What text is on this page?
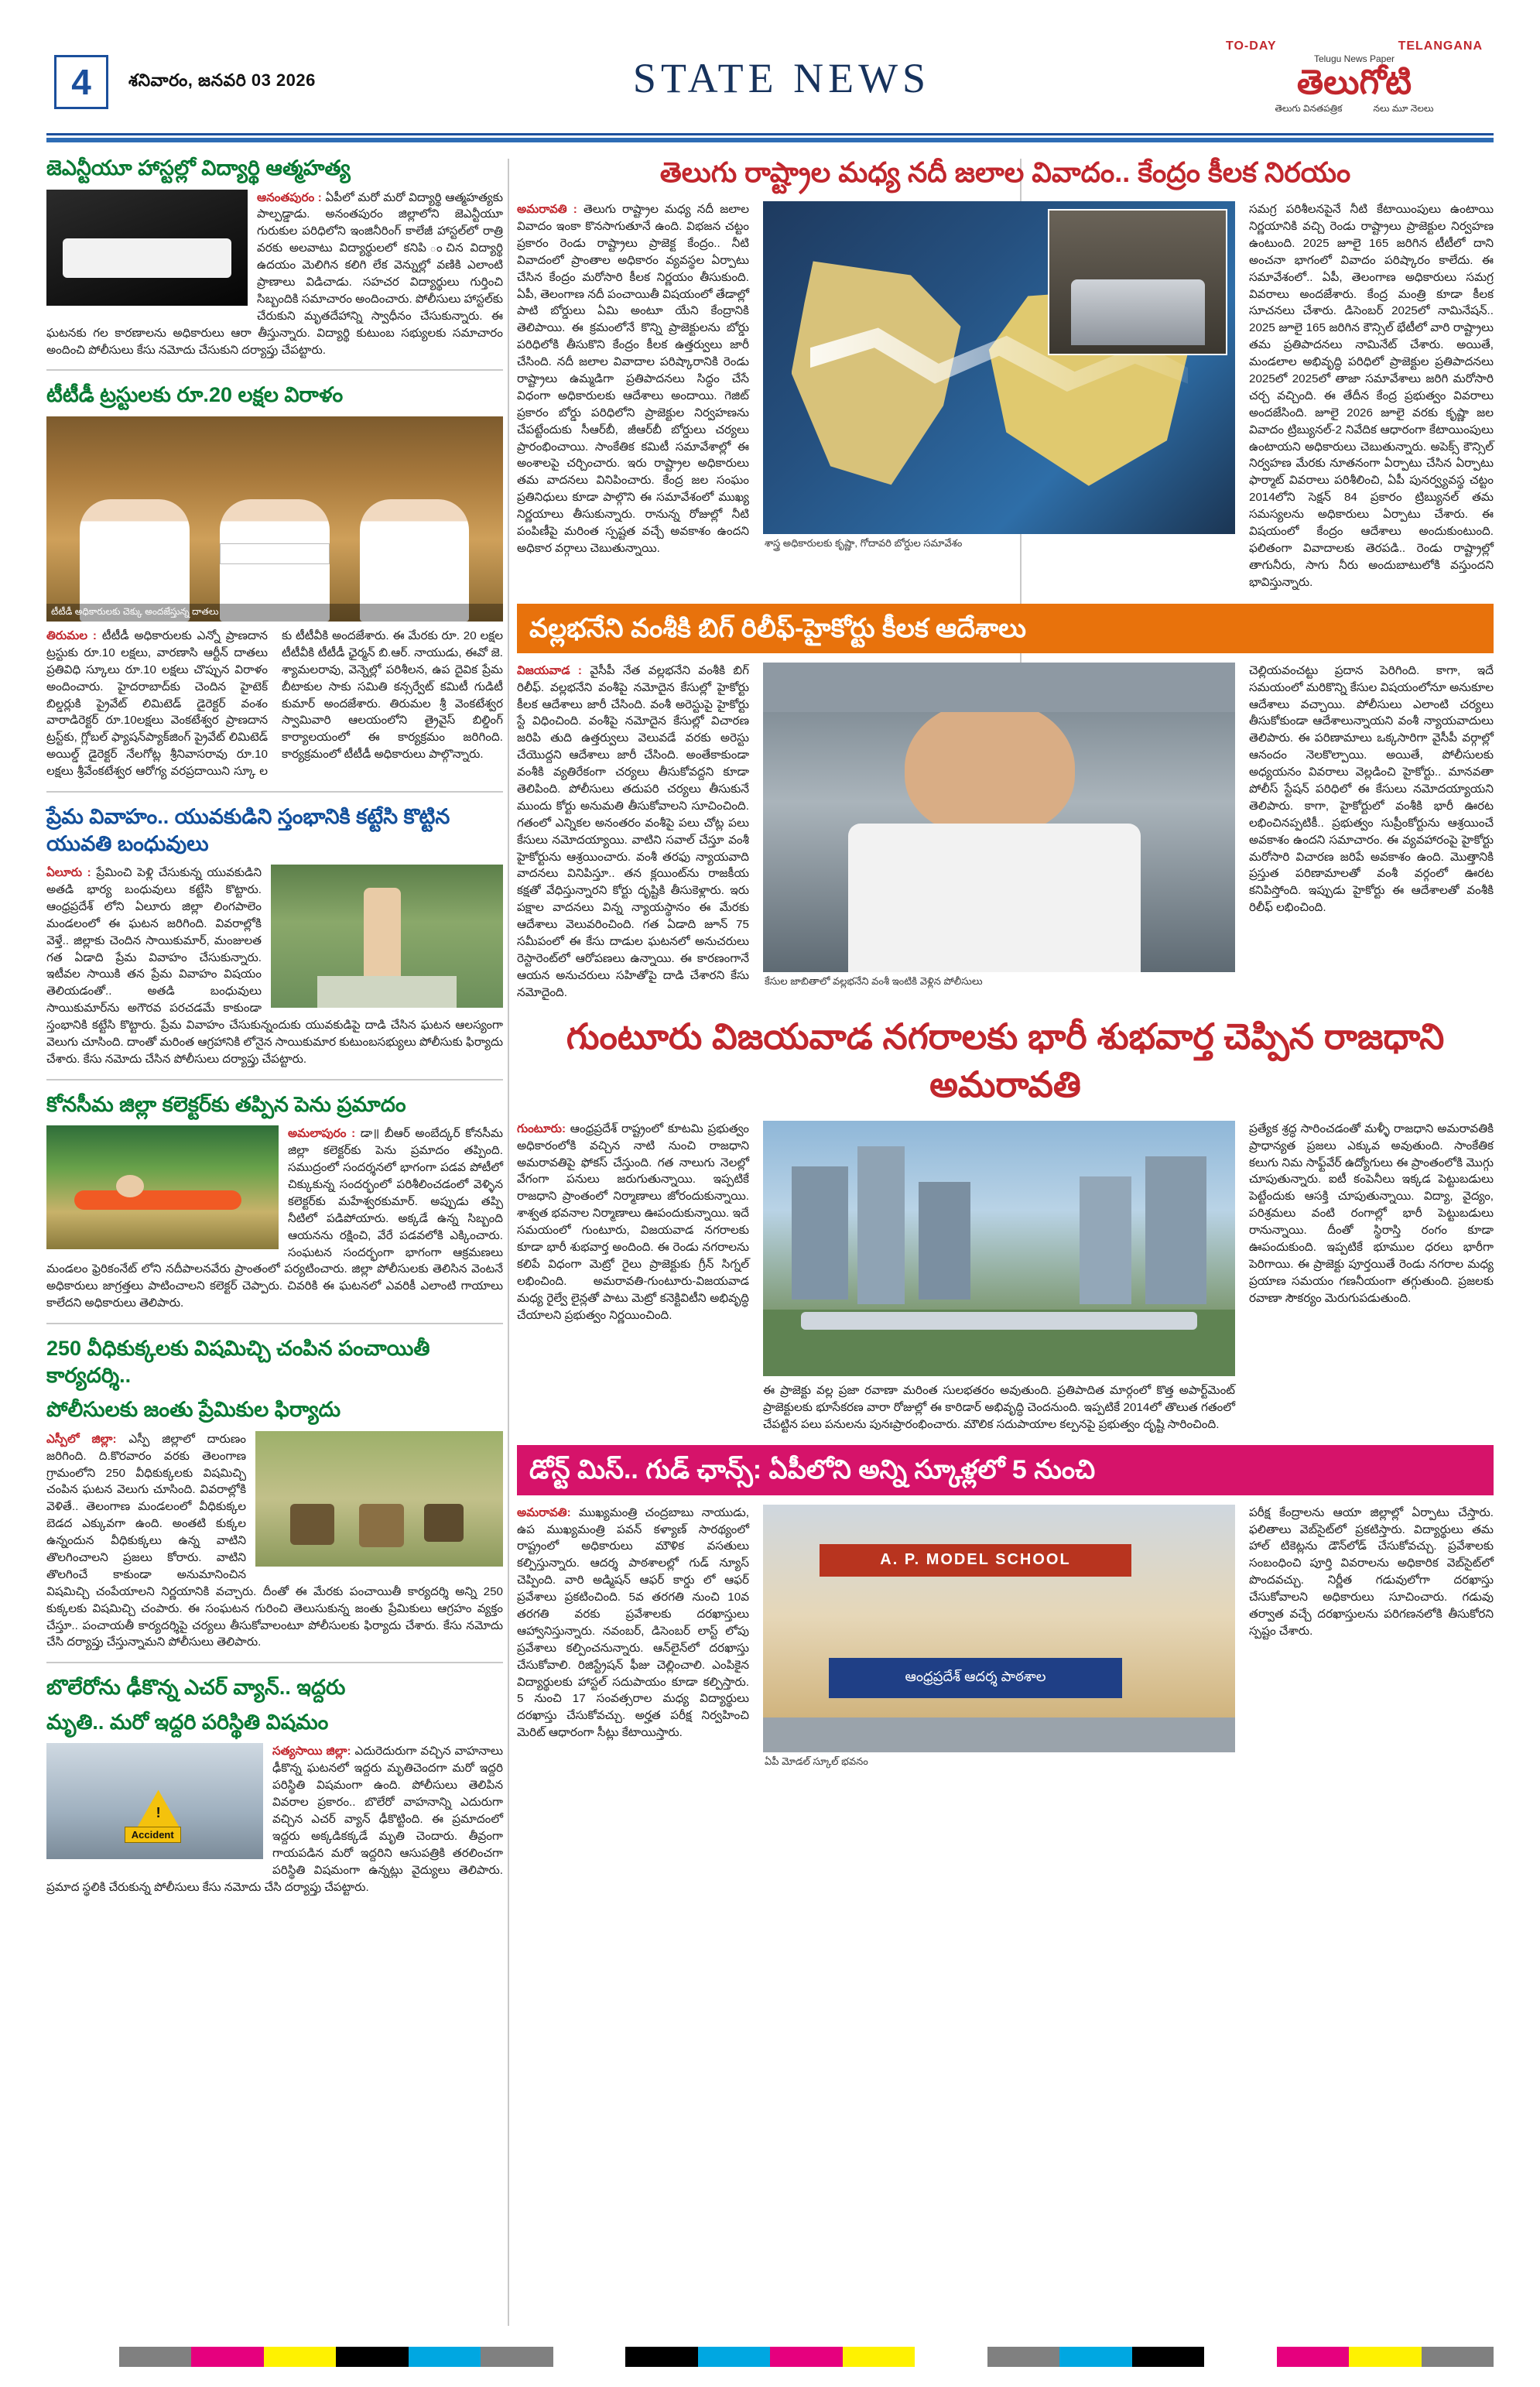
4	శనివారం, జనవరి 03 2026	STATE NEWS
TO-DAY	TELANGANA
Telugu News Paper
తెలుగోటి
తెలుగు వినతపత్రిక	నలు మూ నెలలు
జెఎన్టీయూ హాస్టల్లో విద్యార్థి ఆత్మహత్య
ఆనంతపురం : ఏపీలో మరో మరో విద్యార్థి ఆత్మహత్యకు పాల్పడ్డాడు. అనంతపురం జిల్లాలోని జెఎన్టీయూ గురుకుల పరిధిలోని ఇంజినీరింగ్ కాలేజీ హాస్టల్‌లో రాత్రి వరకు అలవాటు విద్యార్థులలో కనిపి ంచిన విద్యార్థి ఉదయం మెలిగిన కలిగి లేక వెన్నుల్లో వణికి ఎలాంటి ప్రాణాలు విడిచాడు. సహచర విద్యార్థులు గుర్తించి సిబ్బందికి సమాచారం అందించారు. పోలీసులు హాస్టల్‌కు చేరుకుని మృతదేహాన్ని స్వాధీనం చేసుకున్నారు. ఈ ఘటనకు గల కారణాలను అధికారులు ఆరా తీస్తున్నారు. విద్యార్థి కుటుంబ సభ్యులకు సమాచారం అందించి పోలీసులు కేసు నమోదు చేసుకుని దర్యాప్తు చేపట్టారు.
టీటీడీ ట్రస్టులకు రూ.20 లక్షల విరాళం
టీటీడీ అధికారులకు చెక్కు అందజేస్తున్న దాతలు
తిరుమల : టీటీడీ అధికారులకు ఎన్నో ప్రాణదాన ట్రస్టుకు రూ.10 లక్షలు, వారణాసి ఆర్టీన్ దాతలు ప్రతివిధి స్కూలు రూ.10 లక్షలు చొప్పున విరాళం అందించారు. హైదరాబాద్‌కు చెందిన హైటెక్ బిల్డర్లుకి ప్రైవేట్ లిమిటెడ్ డైరెక్టర్ వంశం వారాడిరెక్టర్ రూ.10లక్షలు వెంకటేశ్వర ప్రాణదాన ట్రస్ట్‌కు, గ్లోబల్ ఫ్యాషన్‌ప్యాక్‌జింగ్ ప్రైవేట్ లిమిటెడ్ అయిల్డ్ డైరెక్టర్ నేలగోట్ల శ్రీనివాసరావు రూ.10 లక్షలు శ్రీవేంకటేశ్వర ఆరోగ్య వరప్రదాయిని స్కూ ల కు టీటీవీకి అందజేశారు. ఈ మేరకు రూ. 20 లక్షల టీటీవీకి టీటీడీ ఛైర్మన్ బి.ఆర్. నాయుడు, ఈవో జె. శ్యామలరావు, వెన్నెల్లో పరిశీలన, ఉప దైవిక ప్రేమ బీటాకుల సాకు సమితి కన్సర్వేట్ కమిటీ గుడిటీ కుమార్ అందజేశారు. తిరుమల శ్రీ వెంకటేశ్వర స్వామివారి ఆలయంలోని త్రైవైస్ బిల్డింగ్ కార్యాలయంలో ఈ కార్యక్రమం జరిగింది. కార్యక్రమంలో టీటీడీ అధికారులు పాల్గొన్నారు.
ప్రేమ వివాహం.. యువకుడిని స్తంభానికి కట్టేసి కొట్టిన యువతి బంధువులు
ఏలూరు : ప్రేమించి పెళ్లి చేసుకున్న యువకుడిని అతడి భార్య బంధువులు కట్టేసి కొట్టారు. ఆంధ్రప్రదేశ్ లోని ఏలూరు జిల్లా లింగపాలెం మండలంలో ఈ ఘటన జరిగింది. వివరాల్లోకి వెళ్తే.. జిల్లాకు చెందిన సాయికుమార్, మంజులత గత ఏడాది ప్రేమ వివాహం చేసుకున్నారు. ఇటీవల సాయికి తన ప్రేమ వివాహం విషయం తెలియడంతో.. అతడి బంధువులు సాయికుమార్‌ను అగౌరవ పరచడమే కాకుండా స్తంభానికి కట్టేసి కొట్టారు. ప్రేమ వివాహం చేసుకున్నందుకు యువకుడిపై దాడి చేసిన ఘటన ఆలస్యంగా వెలుగు చూసింది. దాంతో మరింత ఆగ్రహానికి లోనైన సాయికుమార కుటుంబసభ్యులు పోలీసుకు ఫిర్యాదు చేశారు. కేసు నమోదు చేసిన పోలీసులు దర్యాప్తు చేపట్టారు.
కోనసీమ జిల్లా కలెక్టర్‌కు తప్పిన పెను ప్రమాదం
అమలాపురం : డా॥ బీఆర్ అంబేద్కర్ కోనసీమ జిల్లా కలెక్టర్‌కు పెను ప్రమాదం తప్పింది. సముద్రంలో సందర్శనలో భాగంగా పడవ పోటీలో చిక్కుకున్న సందర్భంలో పరిశీలించడంలో వెళ్ళిన కలెక్టర్‌కు మహేశ్వరకుమార్. అప్పుడు తప్పి నీటిలో పడిపోయారు. అక్కడే ఉన్న సిబ్బంది ఆయనను రక్షించి, వేరే పడవలోకి ఎక్కించారు. సంఘటన సందర్భంగా భాగంగా ఆక్రమణలు మండలం ఫ్రెరికంనేట్ లోని నదీపాలనవేరు ప్రాంతంలో పర్యటించారు. జిల్లా పోలీసులకు తెలిసిన వెంటనే అధికారులు జాగ్రత్తలు పాటించాలని కలెక్టర్ చెప్పారు. చివరికి ఈ ఘటనలో ఎవరికీ ఎలాంటి గాయాలు కాలేదని అధికారులు తెలిపారు.
250 వీధికుక్కలకు విషమిచ్చి చంపిన పంచాయితీ కార్యదర్శి..
పోలీసులకు జంతు ప్రేమికుల ఫిర్యాదు
ఎస్పీలో జిల్లా: ఎస్పీ జిల్లాలో దారుణం జరిగింది. ది.కొరవారం వరకు తెలంగాణ గ్రామంలోని 250 వీధికుక్కలకు విషమిచ్చి చంపిన ఘటన వెలుగు చూసింది. వివరాల్లోకి వెళితే.. తెలంగాణ మండలంలో వీధికుక్కల బెడద ఎక్కువగా ఉంది. అంతటి కుక్కల ఉన్నందున వీధికుక్కలు ఉన్న వాటిని తొలగించాలని ప్రజలు కోరారు. వాటిని తొలగించే కాకుండా అనుమానించిన విషమిచ్చి చంపేయాలని నిర్ణయానికి వచ్చారు. దీంతో ఈ మేరకు పంచాయితీ కార్యదర్శి అన్ని 250 కుక్కలకు విషమిచ్చి చంపారు. ఈ సంఘటన గురించి తెలుసుకున్న జంతు ప్రేమికులు ఆగ్రహం వ్యక్తం చేస్తూ.. పంచాయతీ కార్యదర్శిపై చర్యలు తీసుకోవాలంటూ పోలీసులకు ఫిర్యాదు చేశారు. కేసు నమోదు చేసి దర్యాప్తు చేస్తున్నామని పోలీసులు తెలిపారు.
బొలేరోను ఢీకొన్న ఎచర్ వ్యాన్.. ఇద్దరు
మృతి.. మరో ఇద్దరి పరిస్థితి విషమం
!
Accident
సత్యసాయి జిల్లా: ఎదురెదురుగా వచ్చిన వాహనాలు ఢీకొన్న ఘటనలో ఇద్దరు మృతిచెందగా మరో ఇద్దరి పరిస్థితి విషమంగా ఉంది. పోలీసులు తెలిపిన వివరాల ప్రకారం.. బొలేరో వాహనాన్ని ఎదురుగా వచ్చిన ఎచర్ వ్యాన్ ఢీకొట్టింది. ఈ ప్రమాదంలో ఇద్దరు అక్కడికక్కడే మృతి చెందారు. తీవ్రంగా గాయపడిన మరో ఇద్దరిని ఆసుపత్రికి తరలించగా పరిస్థితి విషమంగా ఉన్నట్లు వైద్యులు తెలిపారు. ప్రమాద స్థలికి చేరుకున్న పోలీసులు కేసు నమోదు చేసి దర్యాప్తు చేపట్టారు.
తెలుగు రాష్ట్రాల మధ్య నదీ జలాల వివాదం.. కేంద్రం కీలక నిరయం
అమరావతి : తెలుగు రాష్ట్రాల మధ్య నదీ జలాల వివాదం ఇంకా కొనసాగుతూనే ఉంది. విభజన చట్టం ప్రకారం రెండు రాష్ట్రాలు ప్రాజెక్ట కేంద్రం.. నీటి వివాదంలో ప్రాంతాల అధికారం వ్యవస్థల ఏర్పాటు చేసిన కేంద్రం మరోసారి కీలక నిర్ణయం తీసుకుంది. ఏపీ, తెలంగాణ నదీ పంచాయితీ విషయంలో తేడాల్లో పాటి బోర్డులు ఏమి అంటూ యేని కేంద్రానికి తెలిపాయి. ఈ క్రమంలోనే కొన్ని ప్రాజెక్టులను బోర్డు పరిధిలోకి తీసుకొని కేంద్రం కీలక ఉత్తర్వులు జారీ చేసింది. నదీ జలాల వివాదాల పరిష్కారానికి రెండు రాష్ట్రాలు ఉమ్మడిగా ప్రతిపాదనలు సిద్ధం చేసే విధంగా అధికారులకు ఆదేశాలు అందాయి. గెజిట్ ప్రకారం బోర్డు పరిధిలోని ప్రాజెక్టుల నిర్వహణను చేపట్టేందుకు సీఆర్‌బీ, జీఆర్‌బీ బోర్డులు చర్యలు ప్రారంభించాయి. సాంకేతిక కమిటీ సమావేశాల్లో ఈ అంశాలపై చర్చించారు. ఇరు రాష్ట్రాల అధికారులు తమ వాదనలు వినిపించారు. కేంద్ర జల సంఘం ప్రతినిధులు కూడా పాల్గొని ఈ సమావేశంలో ముఖ్య నిర్ణయాలు తీసుకున్నారు. రానున్న రోజుల్లో నీటి పంపిణీపై మరింత స్పష్టత వచ్చే అవకాశం ఉందని అధికార వర్గాలు చెబుతున్నాయి.	శాస్త్ర అధికారులకు కృష్ణా, గోదావరి బోర్డుల సమావేశం
సమగ్ర పరిశీలనపైనే నీటి కేటాయింపులు ఉంటాయి నిర్ణయానికి వచ్చి రెండు రాష్ట్రాలు ప్రాజెక్టుల నిర్వహణ ఉంటుంది. 2025 జూలై 165 జరిగిన టీటీలో దాని అంచనా భాగంలో వివాదం పరిష్కారం కాలేదు. ఈ సమావేశంలో.. ఏపీ, తెలంగాణ అధికారులు సమగ్ర వివరాలు అందజేశారు. కేంద్ర మంత్రి కూడా కీలక సూచనలు చేశారు. డిసెంబర్ 2025లో నామినేషన్.. 2025 జూలై 165 జరిగిన కౌన్సిల్ భేటీలో వారి రాష్ట్రాలు తమ ప్రతిపాదనలు నామినేట్ చేశారు. అయితే, మండలాల అభివృద్ధి పరిధిలో ప్రాజెక్టుల ప్రతిపాదనలు 2025లో 2025లో తాజా సమావేశాలు జరిగి మరోసారి చర్చ వచ్చింది. ఈ తేదీన కేంద్ర ప్రభుత్వం వివరాలు అందజేసింది. జూలై 2026 జూలై వరకు కృష్ణా జల వివాదం ట్రిబ్యునల్-2 నివేదిక ఆధారంగా కేటాయింపులు ఉంటాయని అధికారులు చెబుతున్నారు. అపెక్స్ కౌన్సిల్ నిర్వహణ మేరకు నూతనంగా ఏర్పాటు చేసిన ఏర్పాటు ఫార్మాట్ వివరాలు పరిశీలించి, ఏపీ పునర్వ్యవస్థ చట్టం 2014లోని సెక్షన్ 84 ప్రకారం ట్రిబ్యునల్ తమ సమస్యలను అధికారులు ఏర్పాటు చేశారు. ఈ విషయంలో కేంద్రం ఆదేశాలు అందుకుంటుంది. ఫలితంగా వివాదాలకు తెరపడి.. రెండు రాష్ట్రాల్లో తాగునీరు, సాగు నీరు అందుబాటులోకి వస్తుందని భావిస్తున్నారు.
వల్లభనేని వంశీకి బిగ్ రిలీఫ్-హైకోర్టు కీలక ఆదేశాలు
విజయవాడ : వైసీపీ నేత వల్లభనేని వంశీకి బిగ్ రిలీఫ్. వల్లభనేని వంశీపై నమోదైన కేసుల్లో హైకోర్టు కీలక ఆదేశాలు జారీ చేసింది. వంశీ అరెస్టుపై హైకోర్టు స్టే విధించింది. వంశీపై నమోదైన కేసుల్లో విచారణ జరిపి తుది ఉత్తర్వులు వెలువడే వరకు అరెస్టు చేయొద్దని ఆదేశాలు జారీ చేసింది. అంతేకాకుండా వంశీకి వ్యతిరేకంగా చర్యలు తీసుకోవద్దని కూడా తెలిపింది. పోలీసులు తదుపరి చర్యలు తీసుకునే ముందు కోర్టు అనుమతి తీసుకోవాలని సూచించింది. గతంలో ఎన్నికల అనంతరం వంశీపై పలు చోట్ల పలు కేసులు నమోదయ్యాయి. వాటిని సవాల్ చేస్తూ వంశీ హైకోర్టును ఆశ్రయించారు. వంశీ తరఫు న్యాయవాది వాదనలు వినిపిస్తూ.. తన క్లయింట్‌ను రాజకీయ కక్షతో వేధిస్తున్నారని కోర్టు దృష్టికి తీసుకెళ్లారు. ఇరు పక్షాల వాదనలు విన్న న్యాయస్థానం ఈ మేరకు ఆదేశాలు వెలువరించింది. గత ఏడాది జూన్ 75 సమీపంలో ఈ కేసు దాడుల ఘటనలో అనుచరులు రెస్టారెంట్‌లో ఆరోపణలు ఉన్నాయి. ఈ కారణంగానే ఆయన అనుచరులు సహితోపై దాడి చేశారని కేసు నమోదైంది.
కేసుల జాబితాలో వల్లభనేని వంశీ ఇంటికి వెళ్లిన పోలీసులు
చెల్లియవంచట్టు ప్రదాన పెరిగింది. కాగా, ఇదే సమయంలో మరికొన్ని కేసుల విషయంలోనూ అనుకూల ఆదేశాలు వచ్చాయి. పోలీసులు ఎలాంటి చర్యలు తీసుకోకుండా ఆదేశాలున్నాయని వంశీ న్యాయవాదులు తెలిపారు. ఈ పరిణామాలు ఒక్కసారిగా వైసీపీ వర్గాల్లో ఆనందం నెలకొల్పాయి. అయితే, పోలీసులకు అధ్యయనం వివరాలు వెల్లడించి హైకోర్టు.. మానవతా పోలీస్ స్టేషన్ పరిధిలో ఈ కేసులు నమోదయ్యాయని తెలిపారు. కాగా, హైకోర్టులో వంశీకి భారీ ఊరట లభించినప్పటికీ.. ప్రభుత్వం సుప్రీంకోర్టును ఆశ్రయించే అవకాశం ఉందని సమాచారం. ఈ వ్యవహారంపై హైకోర్టు మరోసారి విచారణ జరిపే అవకాశం ఉంది. మొత్తానికి ప్రస్తుత పరిణామాలతో వంశీ వర్గంలో ఊరట కనిపిస్తోంది. ఇప్పుడు హైకోర్టు ఈ ఆదేశాలతో వంశీకి రిలీఫ్ లభించింది.
గుంటూరు విజయవాడ నగరాలకు భారీ శుభవార్త చెప్పిన రాజధాని అమరావతి
గుంటూరు: ఆంధ్రప్రదేశ్ రాష్ట్రంలో కూటమి ప్రభుత్వం అధికారంలోకి వచ్చిన నాటి నుంచి రాజధాని అమరావతిపై ఫోకస్ చేస్తుంది. గత నాలుగు నెలల్లో వేగంగా పనులు జరుగుతున్నాయి. ఇప్పటికే రాజధాని ప్రాంతంలో నిర్మాణాలు జోరందుకున్నాయి. శాశ్వత భవనాల నిర్మాణాలు ఊపందుకున్నాయి. ఇదే సమయంలో గుంటూరు, విజయవాడ నగరాలకు కూడా భారీ శుభవార్త అందింది. ఈ రెండు నగరాలను కలిపే విధంగా మెట్రో రైలు ప్రాజెక్టుకు గ్రీన్ సిగ్నల్ లభించింది. అమరావతి-గుంటూరు-విజయవాడ మధ్య రైల్వే లైన్లతో పాటు మెట్రో కనెక్టివిటీని అభివృద్ధి చేయాలని ప్రభుత్వం నిర్ణయించింది.
ఈ ప్రాజెక్టు వల్ల ప్రజా రవాణా మరింత సులభతరం అవుతుంది. ప్రతిపాదిత మార్గంలో కొత్త అపార్ట్‌మెంట్ ప్రాజెక్టులకు భూసేకరణ వారా రోజుల్లో ఈ కారిడార్ అభివృద్ధి చెందనుంది. ఇప్పటికే 2014లో తొలుత గతంలో చేపట్టిన పలు పనులను పునఃప్రారంభించారు. మౌలిక సదుపాయాల కల్పనపై ప్రభుత్వం దృష్టి సారించింది.
ప్రత్యేక శ్రద్ధ సారించడంతో మళ్ళీ రాజధాని అమరావతికి ప్రాధాన్యత ప్రజలు ఎక్కువ అవుతుంది. సాంకేతిక కలుగు నిమ సాఫ్ట్‌వేర్ ఉద్యోగులు ఈ ప్రాంతంలోకి మొగ్గు చూపుతున్నారు. ఐటీ కంపెనీలు ఇక్కడ పెట్టుబడులు పెట్టేందుకు ఆసక్తి చూపుతున్నాయి. విద్యా, వైద్యం, పరిశ్రమలు వంటి రంగాల్లో భారీ పెట్టుబడులు రానున్నాయి. దీంతో స్థిరాస్తి రంగం కూడా ఊపందుకుంది. ఇప్పటికే భూముల ధరలు భారీగా పెరిగాయి. ఈ ప్రాజెక్టు పూర్తయితే రెండు నగరాల మధ్య ప్రయాణ సమయం గణనీయంగా తగ్గుతుంది. ప్రజలకు రవాణా సౌకర్యం మెరుగుపడుతుంది.
డోన్ట్ మిస్.. గుడ్ ఛాన్స్: ఏపీలోని అన్ని స్కూళ్లలో 5 నుంచి
అమరావతి: ముఖ్యమంత్రి చంద్రబాబు నాయుడు, ఉప ముఖ్యమంత్రి పవన్ కళ్యాణ్ సారథ్యంలో రాష్ట్రంలో అధికారులు మౌళిక వసతులు కల్పిస్తున్నారు. ఆదర్శ పాఠశాలల్లో గుడ్ న్యూస్ చెప్పింది. వారి అడ్మిషన్ ఆఫర్ కార్డు లో ఆఫర్ ప్రవేశాలు ప్రకటించింది. 5వ తరగతి నుంచి 10వ తరగతి వరకు ప్రవేశాలకు దరఖాస్తులు ఆహ్వానిస్తున్నారు. నవంబర్, డిసెంబర్ లాస్ట్ లోపు ప్రవేశాలు కల్పించనున్నారు. ఆన్‌లైన్‌లో దరఖాస్తు చేసుకోవాలి. రిజిస్ట్రేషన్ ఫీజు చెల్లించాలి. ఎంపికైన విద్యార్థులకు హాస్టల్ సదుపాయం కూడా కల్పిస్తారు. 5 నుంచి 17 సంవత్సరాల మధ్య విద్యార్థులు దరఖాస్తు చేసుకోవచ్చు. అర్హత పరీక్ష నిర్వహించి మెరిట్ ఆధారంగా సీట్లు కేటాయిస్తారు.
A. P. MODEL SCHOOL
ఆంధ్రప్రదేశ్ ఆదర్శ పాఠశాల
ఏపీ మోడల్ స్కూల్ భవనం
పరీక్ష కేంద్రాలను ఆయా జిల్లాల్లో ఏర్పాటు చేస్తారు. ఫలితాలు వెబ్‌సైట్‌లో ప్రకటిస్తారు. విద్యార్థులు తమ హాల్ టికెట్లను డౌన్‌లోడ్ చేసుకోవచ్చు. ప్రవేశాలకు సంబంధించి పూర్తి వివరాలను అధికారిక వెబ్‌సైట్‌లో పొందవచ్చు. నిర్ణీత గడువులోగా దరఖాస్తు చేసుకోవాలని అధికారులు సూచించారు. గడువు తర్వాత వచ్చే దరఖాస్తులను పరిగణనలోకి తీసుకోరని స్పష్టం చేశారు.
